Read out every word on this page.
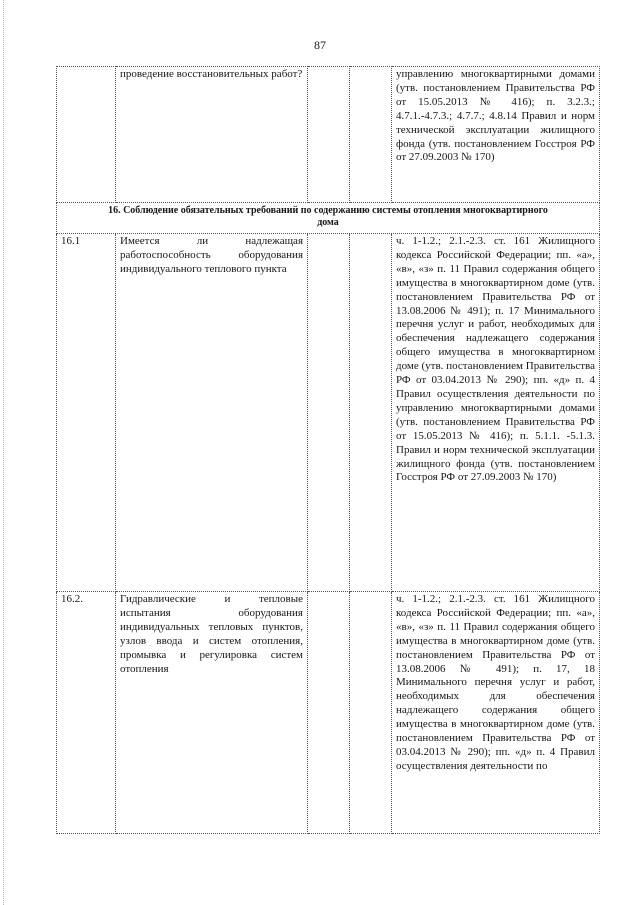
87
	проведение восстановительных работ?			управлению многоквартирными домами (утв. постановлением Правительства РФ от 15.05.2013 № 416); п. 3.2.3.; 4.7.1.-4.7.3.; 4.7.7.; 4.8.14 Правил и норм технической эксплуатации жилищного фонда (утв. постановлением Госстроя РФ от 27.09.2003 № 170)
16. Соблюдение обязательных требований по содержанию системы отопления многоквартирного дома				
16.1	Имеется ли надлежащая работоспособность оборудования индивидуального теплового пункта			ч. 1-1.2.; 2.1.-2.3. ст. 161 Жилищного кодекса Российской Федерации; пп. «а», «в», «з» п. 11 Правил содержания общего имущества в многоквартирном доме (утв. постановлением Правительства РФ от 13.08.2006 № 491); п. 17 Минимального перечня услуг и работ, необходимых для обеспечения надлежащего содержания общего имущества в многоквартирном доме (утв. постановлением Правительства РФ от 03.04.2013 № 290); пп. «д» п. 4 Правил осуществления деятельности по управлению многоквартирными домами (утв. постановлением Правительства РФ от 15.05.2013 № 416); п. 5.1.1. -5.1.3. Правил и норм технической эксплуатации жилищного фонда (утв. постановлением Госстроя РФ от 27.09.2003 № 170)
16.2.	Гидравлические и тепловые испытания оборудования индивидуальных тепловых пунктов, узлов ввода и систем отопления, промывка и регулировка систем отопления			ч. 1-1.2.; 2.1.-2.3. ст. 161 Жилищного кодекса Российской Федерации; пп. «а», «в», «з» п. 11 Правил содержания общего имущества в многоквартирном доме (утв. постановлением Правительства РФ от 13.08.2006 № 491); п. 17, 18 Минимального перечня услуг и работ, необходимых для обеспечения надлежащего содержания общего имущества в многоквартирном доме (утв. постановлением Правительства РФ от 03.04.2013 № 290); пп. «д» п. 4 Правил осуществления деятельности по
